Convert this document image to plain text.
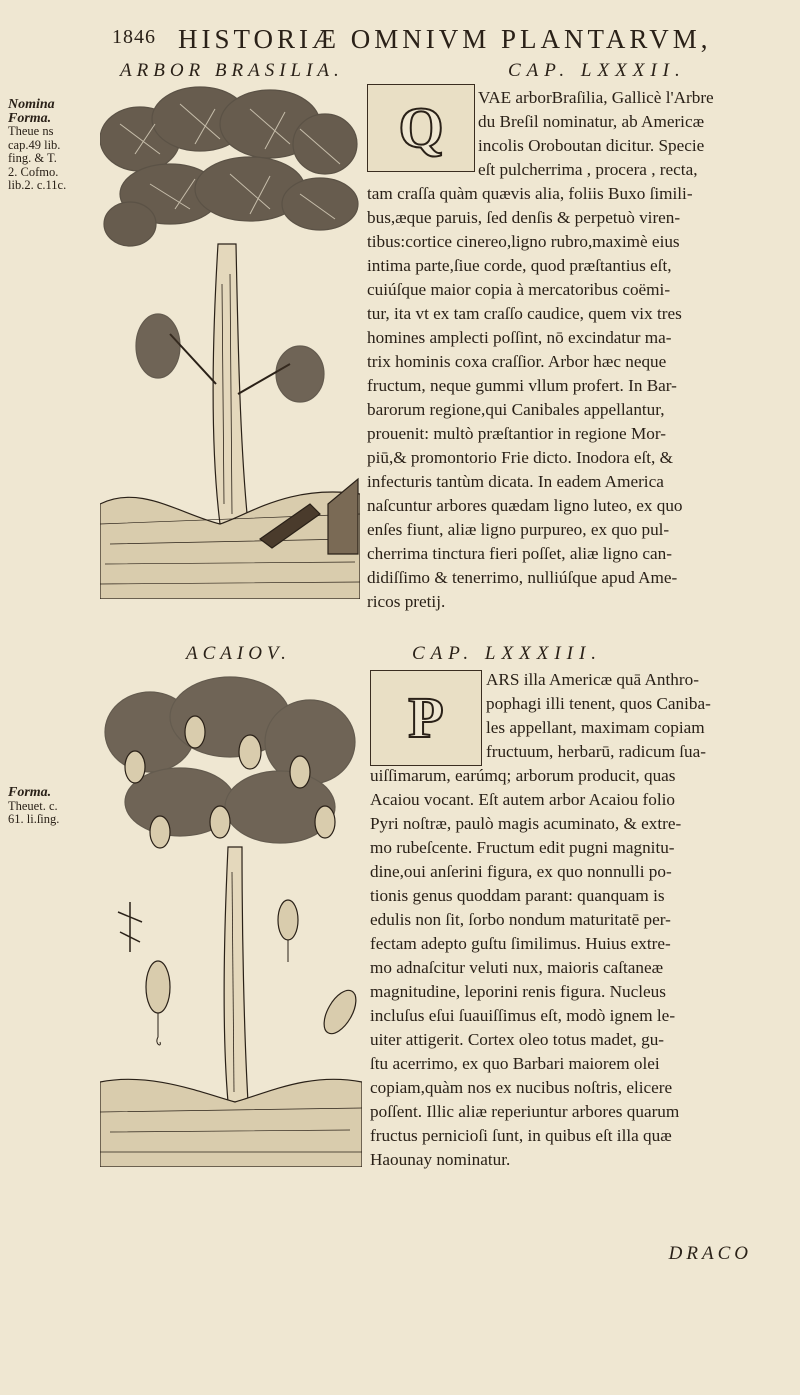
1846 HISTORIÆ OMNIVM PLANTARVM,
ARBOR BRASILIA.	CAP. LXXXII.
Nomina
Forma.
Theue ns
cap.49 lib.
fing. & T.
2. Cofmo.
lib.2. c.11c.
Q VAE arborBraſilia, Gallicè l'Arbre
du Breſil nominatur, ab Americæ
incolis Oroboutan dicitur. Specie
eſt pulcherrima , procera , recta,
tam craſſa quàm quævis alia, foliis Buxo ſimili-
bus,æque paruis, ſed denſis & perpetuò viren-
tibus:cortice cinereo,ligno rubro,maximè eius
intima parte,ſiue corde, quod præſtantius eſt,
cuiúſque maior copia à mercatoribus coëmi-
tur, ita vt ex tam craſſo caudice, quem vix tres
homines amplecti poſſint, nō excindatur ma-
trix hominis coxa craſſior. Arbor hæc neque
fructum, neque gummi vllum profert. In Bar-
barorum regione,qui Canibales appellantur,
prouenit: multò præſtantior in regione Mor-
piū,& promontorio Frie dicto. Inodora eſt, &
infecturis tantùm dicata. In eadem America
naſcuntur arbores quædam ligno luteo, ex quo
enſes fiunt, aliæ ligno purpureo, ex quo pul-
cherrima tinctura fieri poſſet, aliæ ligno can-
didiſſimo & tenerrimo, nulliúſque apud Ame-
ricos pretij.
ACAIOV.	CAP. LXXXIII.
Forma.
Theuet. c.
61. li.ſing.
P
ARS illa Americæ quā Anthro-
pophagi illi tenent, quos Caniba-
les appellant, maximam copiam
fructuum, herbarū, radicum ſua-
uiſſimarum, earúmq; arborum producit, quas
Acaiou vocant. Eſt autem arbor Acaiou folio
Pyri noſtræ, paulò magis acuminato, & extre-
mo rubeſcente. Fructum edit pugni magnitu-
dine,oui anſerini figura, ex quo nonnulli po-
tionis genus quoddam parant: quanquam is
edulis non ſit, ſorbo nondum maturitatē per-
fectam adepto guſtu ſimilimus. Huius extre-
mo adnaſcitur veluti nux, maioris caſtaneæ
magnitudine, leporini renis figura. Nucleus
incluſus eſui ſuauiſſimus eſt, modò ignem le-
uiter attigerit. Cortex oleo totus madet, gu-
ſtu acerrimo, ex quo Barbari maiorem olei
copiam,quàm nos ex nucibus noſtris, elicere
poſſent. Illic aliæ reperiuntur arbores quarum
fructus pernicioſi ſunt, in quibus eſt illa quæ
Haounay nominatur.
DRACO
